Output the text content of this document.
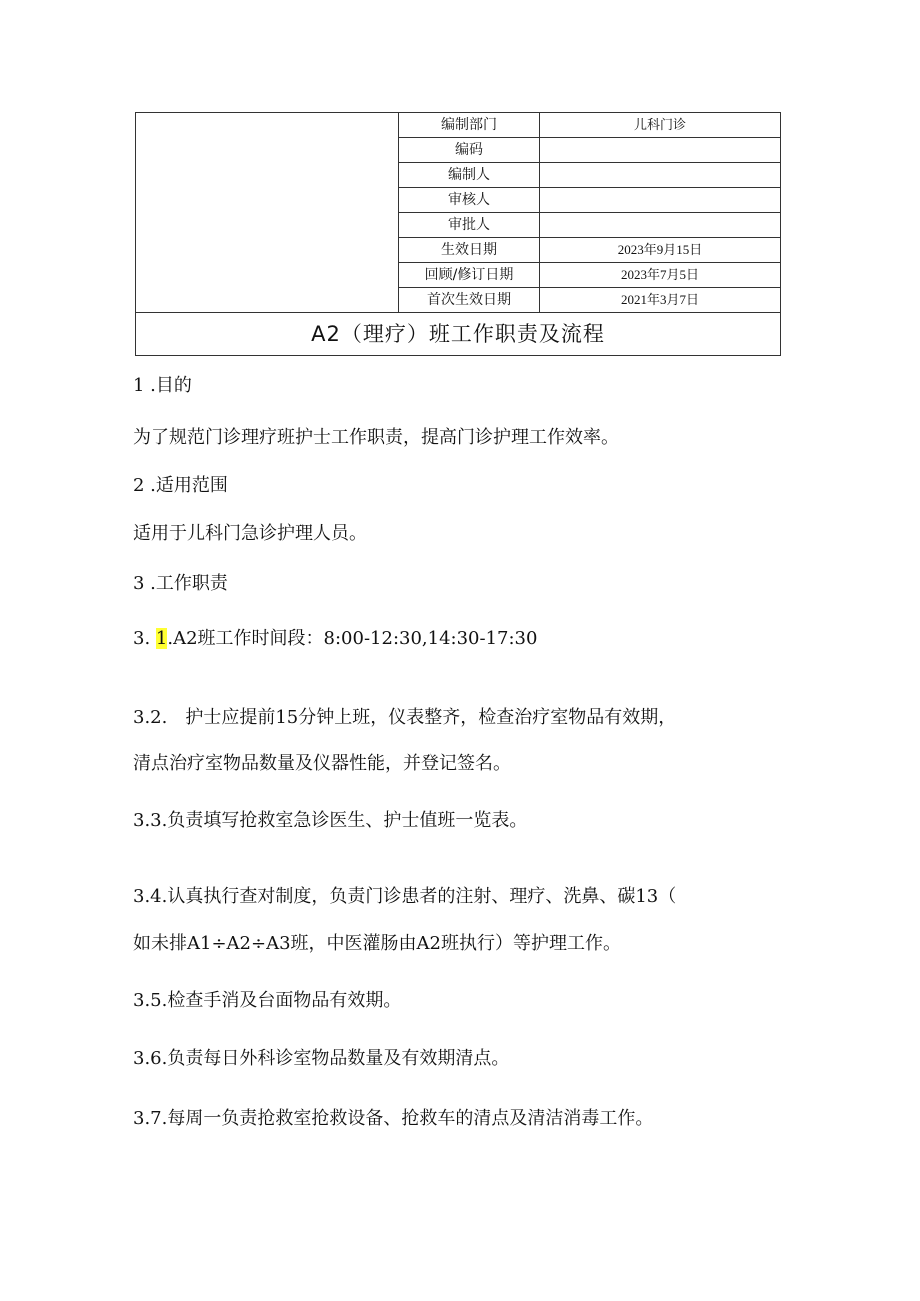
	编制部门	儿科门诊
	编码	
	编制人	
	审核人	
	审批人	
	生效日期	2023年9月15日
	回顾/修订日期	2023年7月5日
	首次生效日期	2021年3月7日
A2（理疗）班工作职责及流程		
1 .目的
为了规范门诊理疗班护士工作职责，提高门诊护理工作效率。
2 .适用范围
适用于儿科门急诊护理人员。
3 .工作职责
3. 1.A2班工作时间段：8:00-12:30,14:30-17:30
3.2.　护士应提前15分钟上班，仪表整齐，检查治疗室物品有效期，
清点治疗室物品数量及仪器性能，并登记签名。
3.3.负责填写抢救室急诊医生、护士值班一览表。
3.4.认真执行查对制度，负责门诊患者的注射、理疗、洗鼻、碳13（
如未排A1÷A2÷A3班，中医灌肠由A2班执行）等护理工作。
3.5.检查手消及台面物品有效期。
3.6.负责每日外科诊室物品数量及有效期清点。
3.7.每周一负责抢救室抢救设备、抢救车的清点及清洁消毒工作。
